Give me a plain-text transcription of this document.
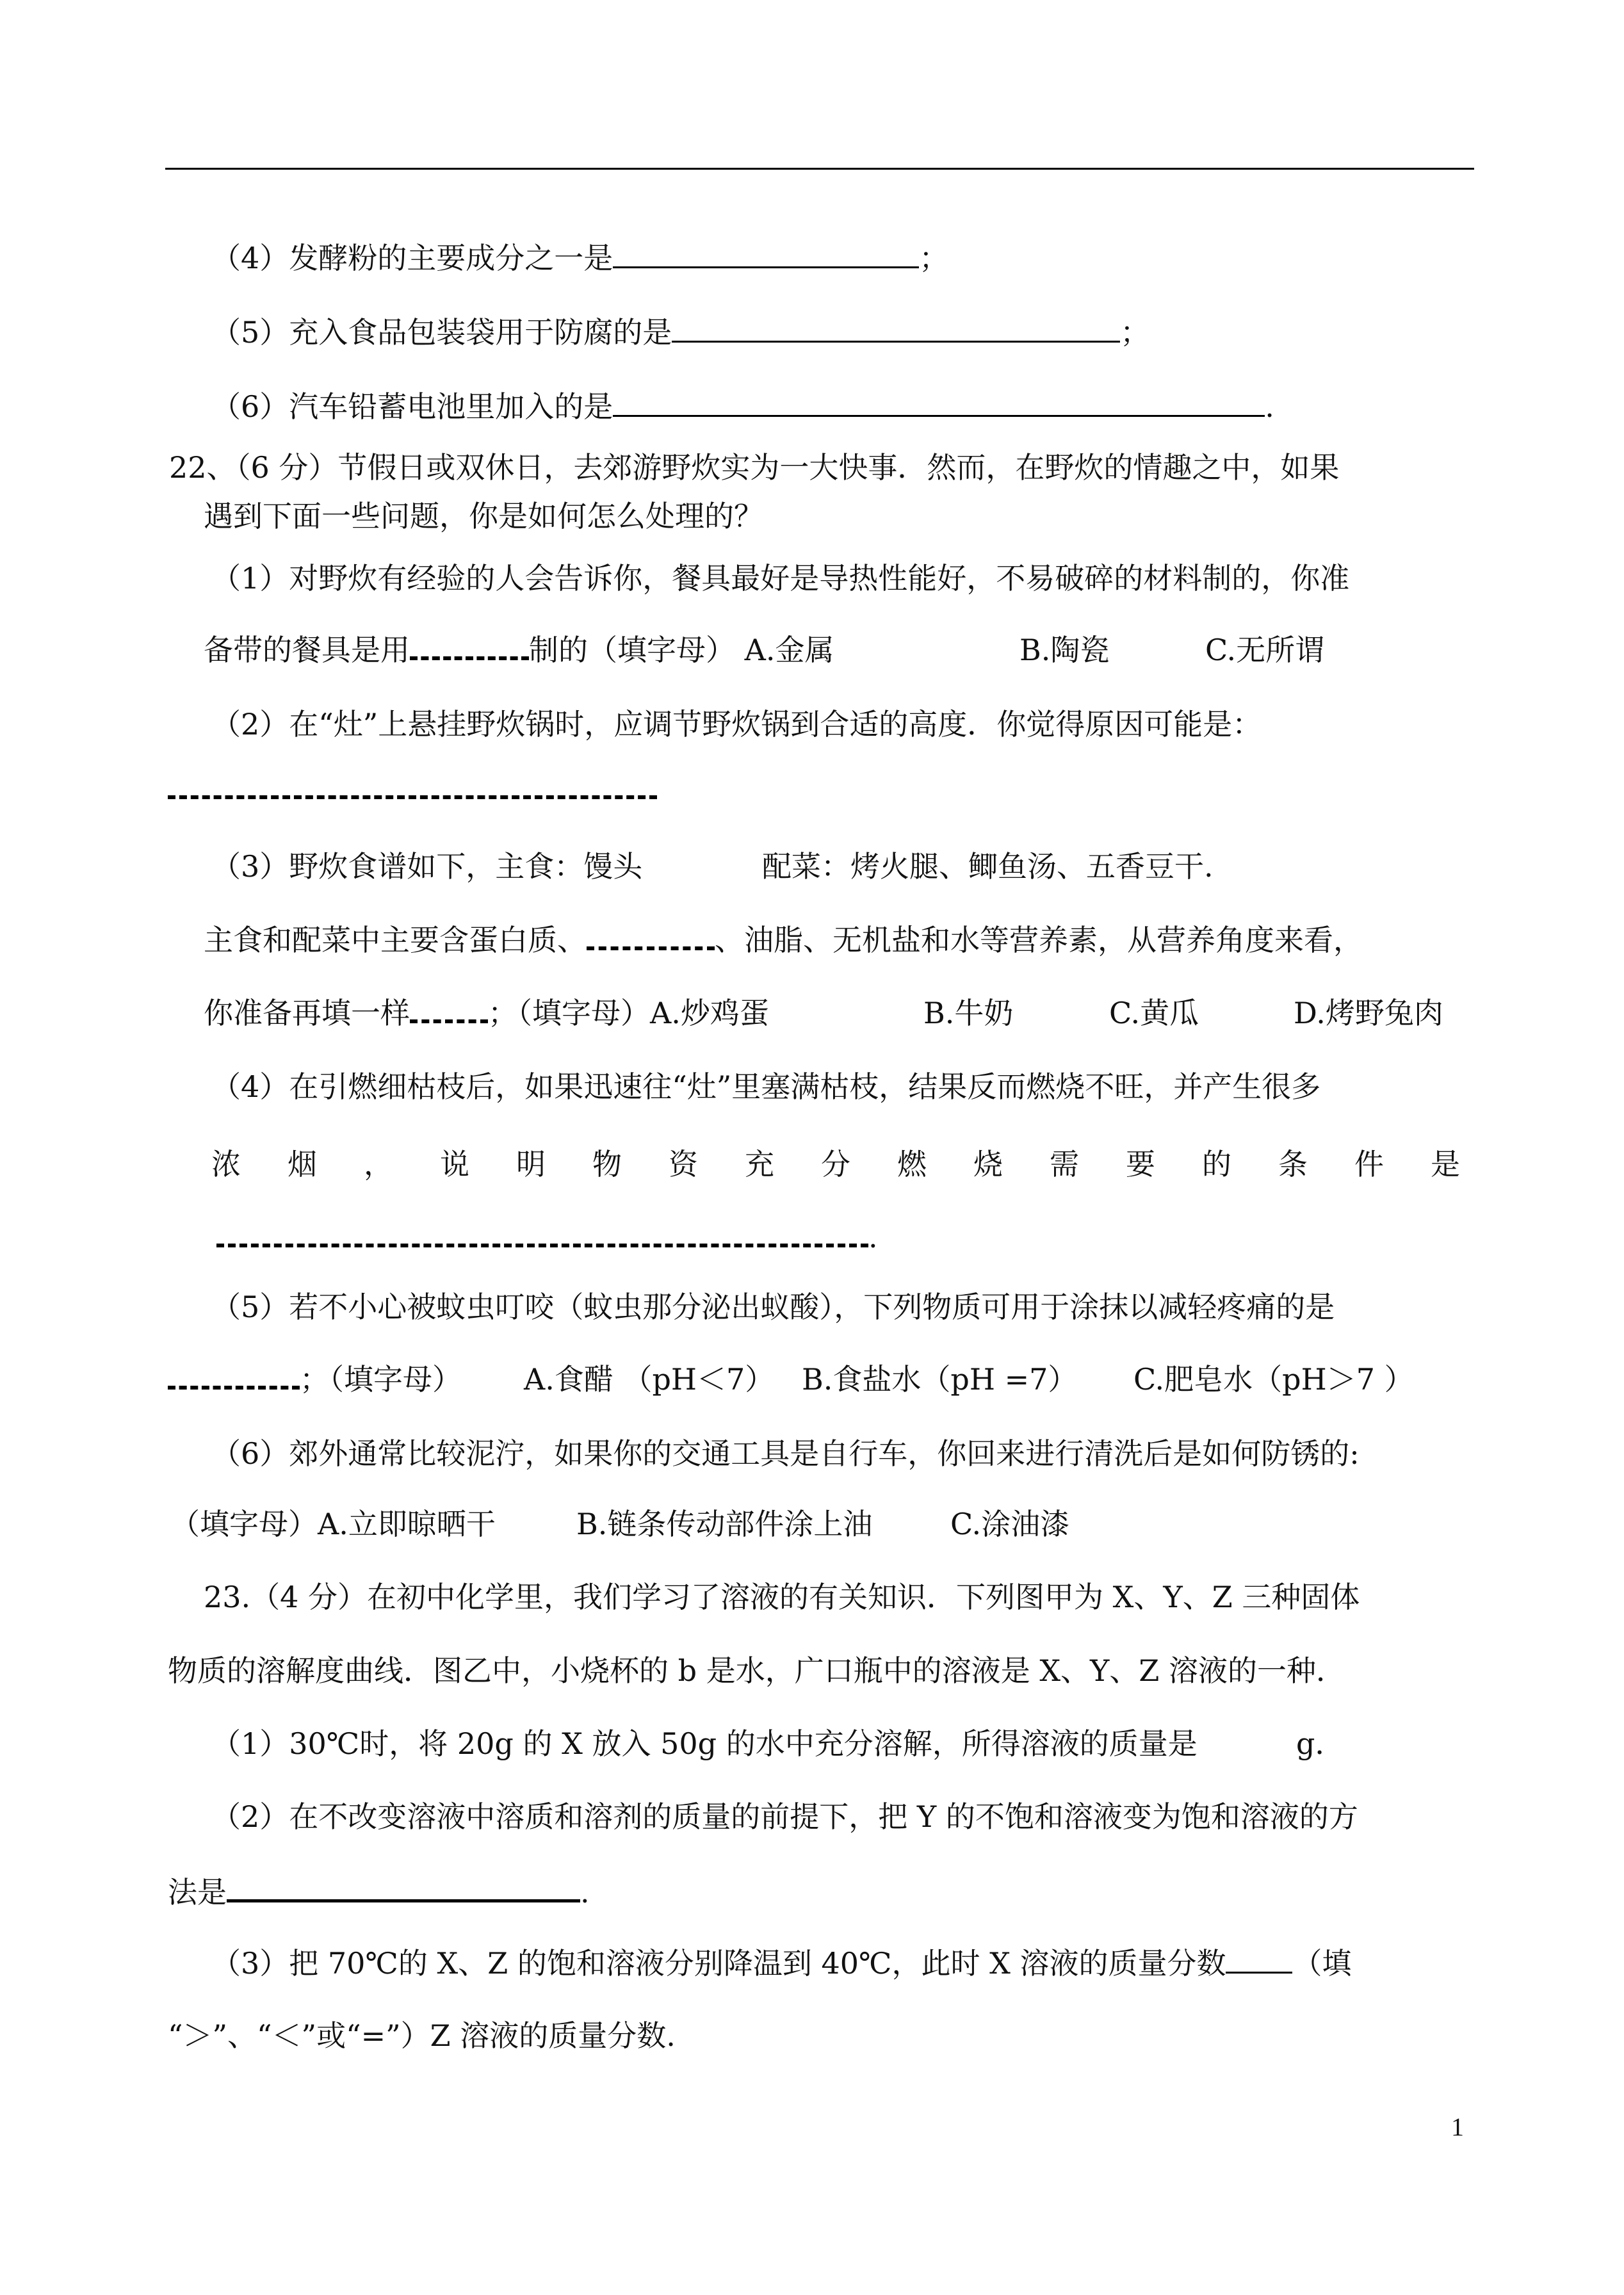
（4）发酵粉的主要成分之一是	；
（5）充入食品包装袋用于防腐的是	；
（6）汽车铅蓄电池里加入的是	.
22、（6 分）节假日或双休日，去郊游野炊实为一大快事．然而，在野炊的情趣之中，如果
遇到下面一些问题，你是如何怎么处理的？
（1）对野炊有经验的人会告诉你，餐具最好是导热性能好，不易破碎的材料制的，你准
备带的餐具是用	制的（填字母） A.金属	B.陶瓷	C.无所谓
（2）在“灶”上悬挂野炊锅时，应调节野炊锅到合适的高度．你觉得原因可能是：
（3）野炊食谱如下，主食：馒头	配菜：烤火腿、鲫鱼汤、五香豆干.
主食和配菜中主要含蛋白质、	、油脂、无机盐和水等营养素，从营养角度来看，
你准备再填一样	；（填字母）A.炒鸡蛋	B.牛奶	C.黄瓜	D.烤野兔肉
（4）在引燃细枯枝后，如果迅速往“灶”里塞满枯枝，结果反而燃烧不旺，并产生很多
浓 烟 ， 说 明 物 资 充 分 燃 烧 需 要 的 条 件 是
.
（5）若不小心被蚊虫叮咬（蚊虫那分泌出蚁酸），下列物质可用于涂抹以减轻疼痛的是
；（填字母） A.食醋 （pH＜7） B.食盐水（pH =7） C.肥皂水（pH＞7 ）
（6）郊外通常比较泥泞，如果你的交通工具是自行车，你回来进行清洗后是如何防锈的:
（填字母）A.立即晾晒干	B.链条传动部件涂上油	C.涂油漆
23.（4 分）在初中化学里，我们学习了溶液的有关知识．下列图甲为 X、Y、Z 三种固体
物质的溶解度曲线．图乙中，小烧杯的 b 是水，广口瓶中的溶液是 X、Y、Z 溶液的一种．
（1）30℃时，将 20g 的 X 放入 50g 的水中充分溶解，所得溶液的质量是	g．
（2）在不改变溶液中溶质和溶剂的质量的前提下，把 Y 的不饱和溶液变为饱和溶液的方
法是	.
（3）把 70℃的 X、Z 的饱和溶液分别降温到 40℃，此时 X 溶液的质量分数 （填
“＞”、“＜”或“=”）Z 溶液的质量分数.
1
